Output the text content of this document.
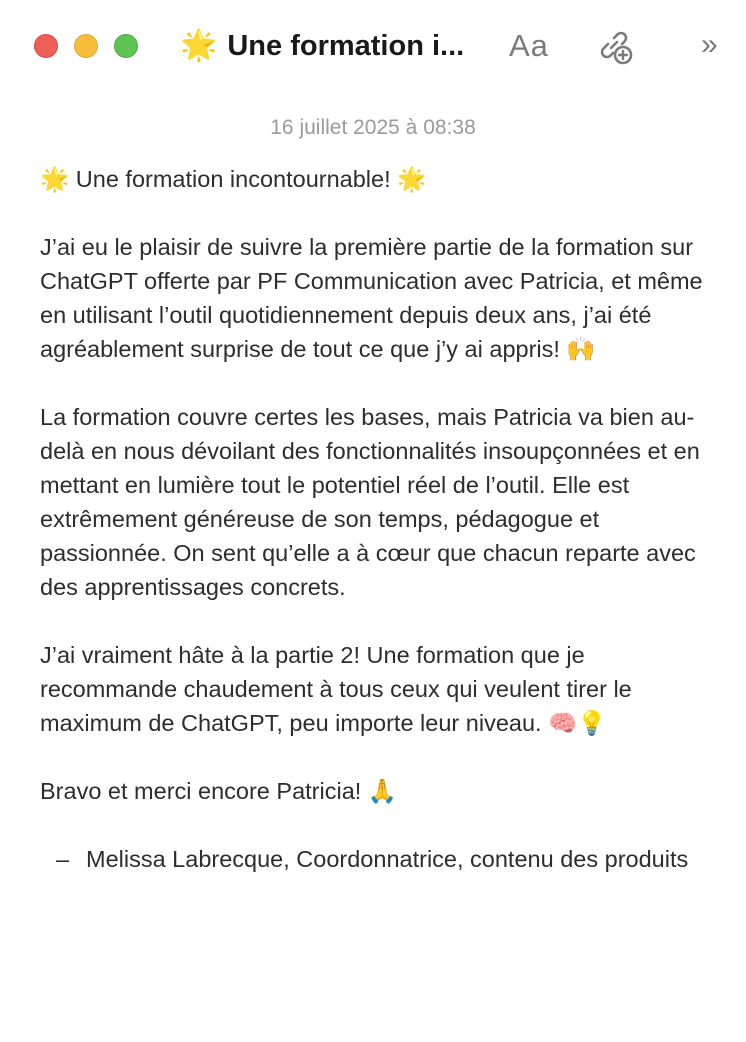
🌟 Une formation i... Aa	»
16 juillet 2025 à 08:38

🌟 Une formation incontournable! 🌟

J’ai eu le plaisir de suivre la première partie de la formation sur ChatGPT offerte par PF Communication avec Patricia, et même en utilisant l’outil quotidiennement depuis deux ans, j’ai été agréablement surprise de tout ce que j’y ai appris! 🙌

La formation couvre certes les bases, mais Patricia va bien au-delà en nous dévoilant des fonctionnalités insoupçonnées et en mettant en lumière tout le potentiel réel de l’outil. Elle est extrêmement généreuse de son temps, pédagogue et passionnée. On sent qu’elle a à cœur que chacun reparte avec des apprentissages concrets.

J’ai vraiment hâte à la partie 2! Une formation que je recommande chaudement à tous ceux qui veulent tirer le maximum de ChatGPT, peu importe leur niveau. 🧠💡

Bravo et merci encore Patricia! 🙏

– Melissa Labrecque, Coordonnatrice, contenu des produits
